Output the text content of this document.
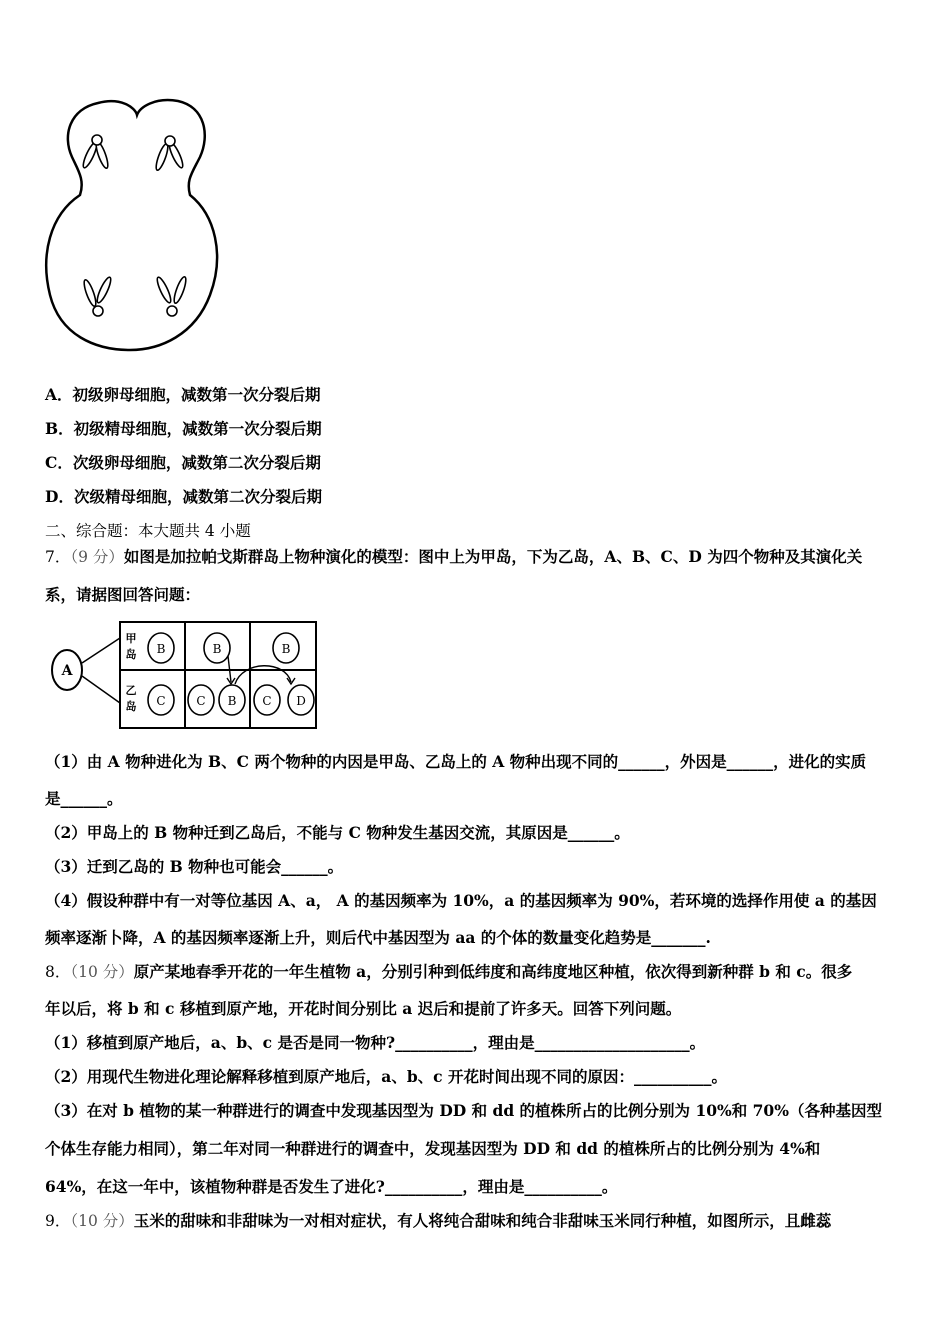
A．初级卵母细胞，减数第一次分裂后期
B．初级精母细胞，减数第一次分裂后期
C．次级卵母细胞，减数第二次分裂后期
D．次级精母细胞，减数第二次分裂后期
二、综合题：本大题共 4 小题
7．（9 分）如图是加拉帕戈斯群岛上物种演化的模型：图中上为甲岛，下为乙岛，A、B、C、D 为四个物种及其演化关
系，请据图回答问题：
A
甲
岛
乙
岛
B	B	B
C	C B C D
（1）由 A 物种进化为 B、C 两个物种的内因是甲岛、乙岛上的 A 物种出现不同的______，外因是______，进化的实质
是______。
（2）甲岛上的 B 物种迁到乙岛后，不能与 C 物种发生基因交流，其原因是______。
（3）迁到乙岛的 B 物种也可能会______。
（4）假设种群中有一对等位基因 A、a， A 的基因频率为 10%，a 的基因频率为 90%，若环境的选择作用使 a 的基因
频率逐渐卜降，A 的基因频率逐渐上升，则后代中基因型为 aa 的个体的数量变化趋势是_______.
8．（10 分）原产某地春季开花的一年生植物 a，分别引种到低纬度和高纬度地区种植，依次得到新种群 b 和 c。很多
年以后，将 b 和 c 移植到原产地，开花时间分别比 a 迟后和提前了许多天。回答下列问题。
（1）移植到原产地后，a、b、c 是否是同一物种?__________，理由是____________________。
（2）用现代生物进化理论解释移植到原产地后，a、b、c 开花时间出现不同的原因：__________。
（3）在对 b 植物的某一种群进行的调查中发现基因型为 DD 和 dd 的植株所占的比例分别为 10%和 70%（各种基因型
个体生存能力相同），第二年对同一种群进行的调查中，发现基因型为 DD 和 dd 的植株所占的比例分别为 4%和
64%，在这一年中，该植物种群是否发生了进化?__________，理由是__________。
9．（10 分）玉米的甜味和非甜味为一对相对症状，有人将纯合甜味和纯合非甜味玉米同行种植，如图所示，且雌蕊
